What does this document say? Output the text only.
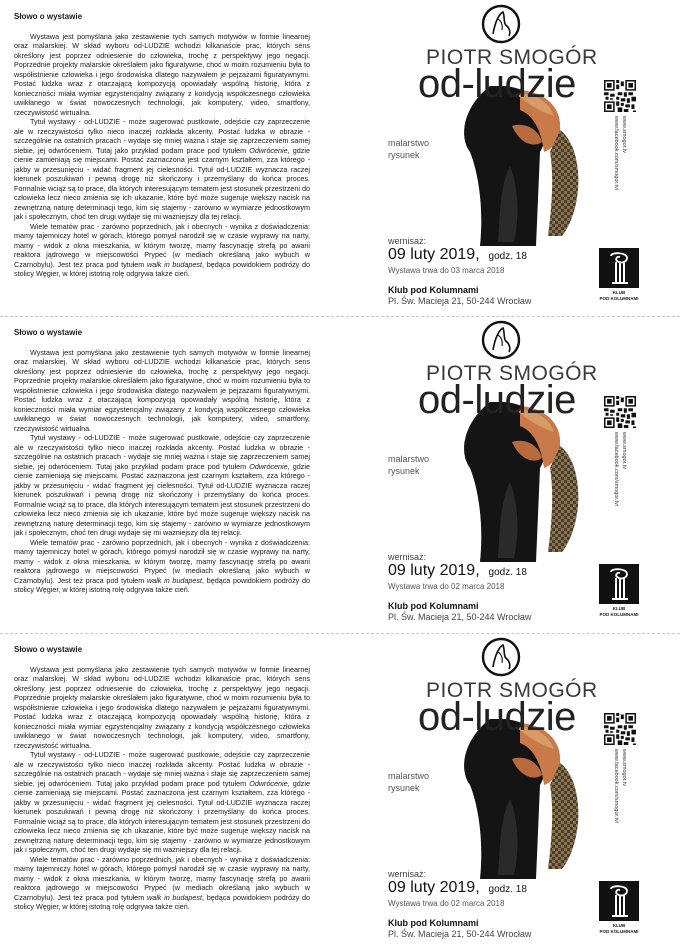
Słowo o wystawie

Wystawa jest pomyślana jako zestawienie tych samych motywów w formie linearnej oraz malarskiej. W skład wyboru od-LUDZIE wchodzi kilkanaście prac, których sens określony jest poprzez odniesienie do człowieka, trochę z perspektywy jego negacji. Poprzednie projekty malarskie określałem jako figuratywne, choć w moim rozumieniu była to współistnienie człowieka i jego środowiska dlatego nazywałem je pejzażami figuratywnymi. Postać ludzka wraz z otaczającą kompozycją opowiadały wspólną historię, która z konieczności miała wymiar egzystencjalny związany z kondycją współczesnego człowieka uwikłanego w świat nowoczesnych technologii, jak komputery, video, smartfony, rzeczywistość wirtualna.

Tytuł wystawy - od-LUDZIE - może sugerować pustkowie, odejście czy zaprzeczenie ale w rzeczywistości tylko nieco inaczej rozkłada akcenty. Postać ludzka w obrazie - szczególnie na ostatnich pracach - wydaje się mniej ważna i staje się zaprzeczeniem samej siebie, jej odwróceniem. Tutaj jako przykład podam prace pod tytułem Odwrócenie, gdzie cienie zamieniają się miejscami. Postać zaznaczona jest czarnym kształtem, zza którego - jakby w przesunięciu - widać fragment jej cielesności. Tytuł od-LUDZIE wyznacza raczej kierunek poszukiwań i pewną drogę niż skończony i przemyślany do końca proces. Formalnie wciąż są to prace, dla których interesującym tematem jest stosunek przestrzeni do człowieka lecz nieco zmienia się ich ukazanie, które być może sugeruje większy nacisk na zewnętrzną naturę determinacji tego, kim się stajemy - zarówno w wymiarze jednostkowym jak i społecznym, choć ten drugi wydaje się mi ważniejszy dla tej relacji.

Wiele tematów prac - zarówno poprzednich, jak i obecnych - wynika z doświadczenia: mamy tajemniczy hotel w górach, którego pomysł narodził się w czasie wyprawy na narty, mamy - widok z okna mieszkania, w którym tworzę, mamy fascynację strefą po awarii reaktora jądrowego w miejscowości Prypeć (w mediach określaną jako wybuch w Czarnobylu). Jest też praca pod tytułem walk in budapest, będąca powidokiem podróży do stolicy Węgier, w której istotną rolę odgrywa także cień.

PIOTR SMOGÓR
od-ludzie
malarstwo
rysunek
www.smogor.tv
www.facebook.com/smogor.tv/
wernisaż:
09 luty 2019, godz. 18
Wystawa trwa do 03 marca 2018
Klub pod Kolumnami
Pl. Św. Macieja 21, 50-244 Wrocław
KLUB
POD KOLUMNAMI
Słowo o wystawie

Wystawa jest pomyślana jako zestawienie tych samych motywów w formie linearnej oraz malarskiej. W skład wyboru od-LUDZIE wchodzi kilkanaście prac, których sens określony jest poprzez odniesienie do człowieka, trochę z perspektywy jego negacji. Poprzednie projekty malarskie określałem jako figuratywne, choć w moim rozumieniu była to współistnienie człowieka i jego środowiska dlatego nazywałem je pejzażami figuratywnymi. Postać ludzka wraz z otaczającą kompozycją opowiadały wspólną historię, która z konieczności miała wymiar egzystencjalny związany z kondycją współczesnego człowieka uwikłanego w świat nowoczesnych technologii, jak komputery, video, smartfony, rzeczywistość wirtualna.

Tytuł wystawy - od-LUDZIE - może sugerować pustkowie, odejście czy zaprzeczenie ale w rzeczywistości tylko nieco inaczej rozkłada akcenty. Postać ludzka w obrazie - szczególnie na ostatnich pracach - wydaje się mniej ważna i staje się zaprzeczeniem samej siebie, jej odwróceniem. Tutaj jako przykład podam prace pod tytułem Odwrócenie, gdzie cienie zamieniają się miejscami. Postać zaznaczona jest czarnym kształtem, zza którego - jakby w przesunięciu - widać fragment jej cielesności. Tytuł od-LUDZIE wyznacza raczej kierunek poszukiwań i pewną drogę niż skończony i przemyślany do końca proces. Formalnie wciąż są to prace, dla których interesującym tematem jest stosunek przestrzeni do człowieka lecz nieco zmienia się ich ukazanie, które być może sugeruje większy nacisk na zewnętrzną naturę determinacji tego, kim się stajemy - zarówno w wymiarze jednostkowym jak i społecznym, choć ten drugi wydaje się mi ważniejszy dla tej relacji.

Wiele tematów prac - zarówno poprzednich, jak i obecnych - wynika z doświadczenia: mamy tajemniczy hotel w górach, którego pomysł narodził się w czasie wyprawy na narty, mamy - widok z okna mieszkania, w którym tworzę, mamy fascynację strefą po awarii reaktora jądrowego w miejscowości Prypeć (w mediach określaną jako wybuch w Czarnobylu). Jest też praca pod tytułem walk in budapest, będąca powidokiem podróży do stolicy Węgier, w której istotną rolę odgrywa także cień.

PIOTR SMOGÓR
od-ludzie
malarstwo
rysunek
www.smogor.tv
www.facebook.com/smogor.tv/
wernisaż:
09 luty 2019, godz. 18
Wystawa trwa do 02 marca 2018
Klub pod Kolumnami
Pl. Św. Macieja 21, 50-244 Wrocław
KLUB
POD KOLUMNAMI
Słowo o wystawie

Wystawa jest pomyślana jako zestawienie tych samych motywów w formie linearnej oraz malarskiej. W skład wyboru od-LUDZIE wchodzi kilkanaście prac, których sens określony jest poprzez odniesienie do człowieka, trochę z perspektywy jego negacji. Poprzednie projekty malarskie określałem jako figuratywne, choć w moim rozumieniu była to współistnienie człowieka i jego środowiska dlatego nazywałem je pejzażami figuratywnymi. Postać ludzka wraz z otaczającą kompozycją opowiadały wspólną historię, która z konieczności miała wymiar egzystencjalny związany z kondycją współczesnego człowieka uwikłanego w świat nowoczesnych technologii, jak komputery, video, smartfony, rzeczywistość wirtualna.

Tytuł wystawy - od-LUDZIE - może sugerować pustkowie, odejście czy zaprzeczenie ale w rzeczywistości tylko nieco inaczej rozkłada akcenty. Postać ludzka w obrazie - szczególnie na ostatnich pracach - wydaje się mniej ważna i staje się zaprzeczeniem samej siebie, jej odwróceniem. Tutaj jako przykład podam prace pod tytułem Odwrócenie, gdzie cienie zamieniają się miejscami. Postać zaznaczona jest czarnym kształtem, zza którego - jakby w przesunięciu - widać fragment jej cielesności. Tytuł od-LUDZIE wyznacza raczej kierunek poszukiwań i pewną drogę niż skończony i przemyślany do końca proces. Formalnie wciąż są to prace, dla których interesującym tematem jest stosunek przestrzeni do człowieka lecz nieco zmienia się ich ukazanie, które być może sugeruje większy nacisk na zewnętrzną naturę determinacji tego, kim się stajemy - zarówno w wymiarze jednostkowym jak i społecznym, choć ten drugi wydaje się mi ważniejszy dla tej relacji.

Wiele tematów prac - zarówno poprzednich, jak i obecnych - wynika z doświadczenia: mamy tajemniczy hotel w górach, którego pomysł narodził się w czasie wyprawy na narty, mamy - widok z okna mieszkania, w którym tworzę, mamy fascynację strefą po awarii reaktora jądrowego w miejscowości Prypeć (w mediach określaną jako wybuch w Czarnobylu). Jest też praca pod tytułem walk in budapest, będąca powidokiem podróży do stolicy Węgier, w której istotną rolę odgrywa także cień.

PIOTR SMOGÓR
od-ludzie
malarstwo
rysunek
www.smogor.tv
www.facebook.com/smogor.tv/
wernisaż:
09 luty 2019, godz. 18
Wystawa trwa do 02 marca 2018
Klub pod Kolumnami
Pl. Św. Macieja 21, 50-244 Wrocław
KLUB
POD KOLUMNAMI
